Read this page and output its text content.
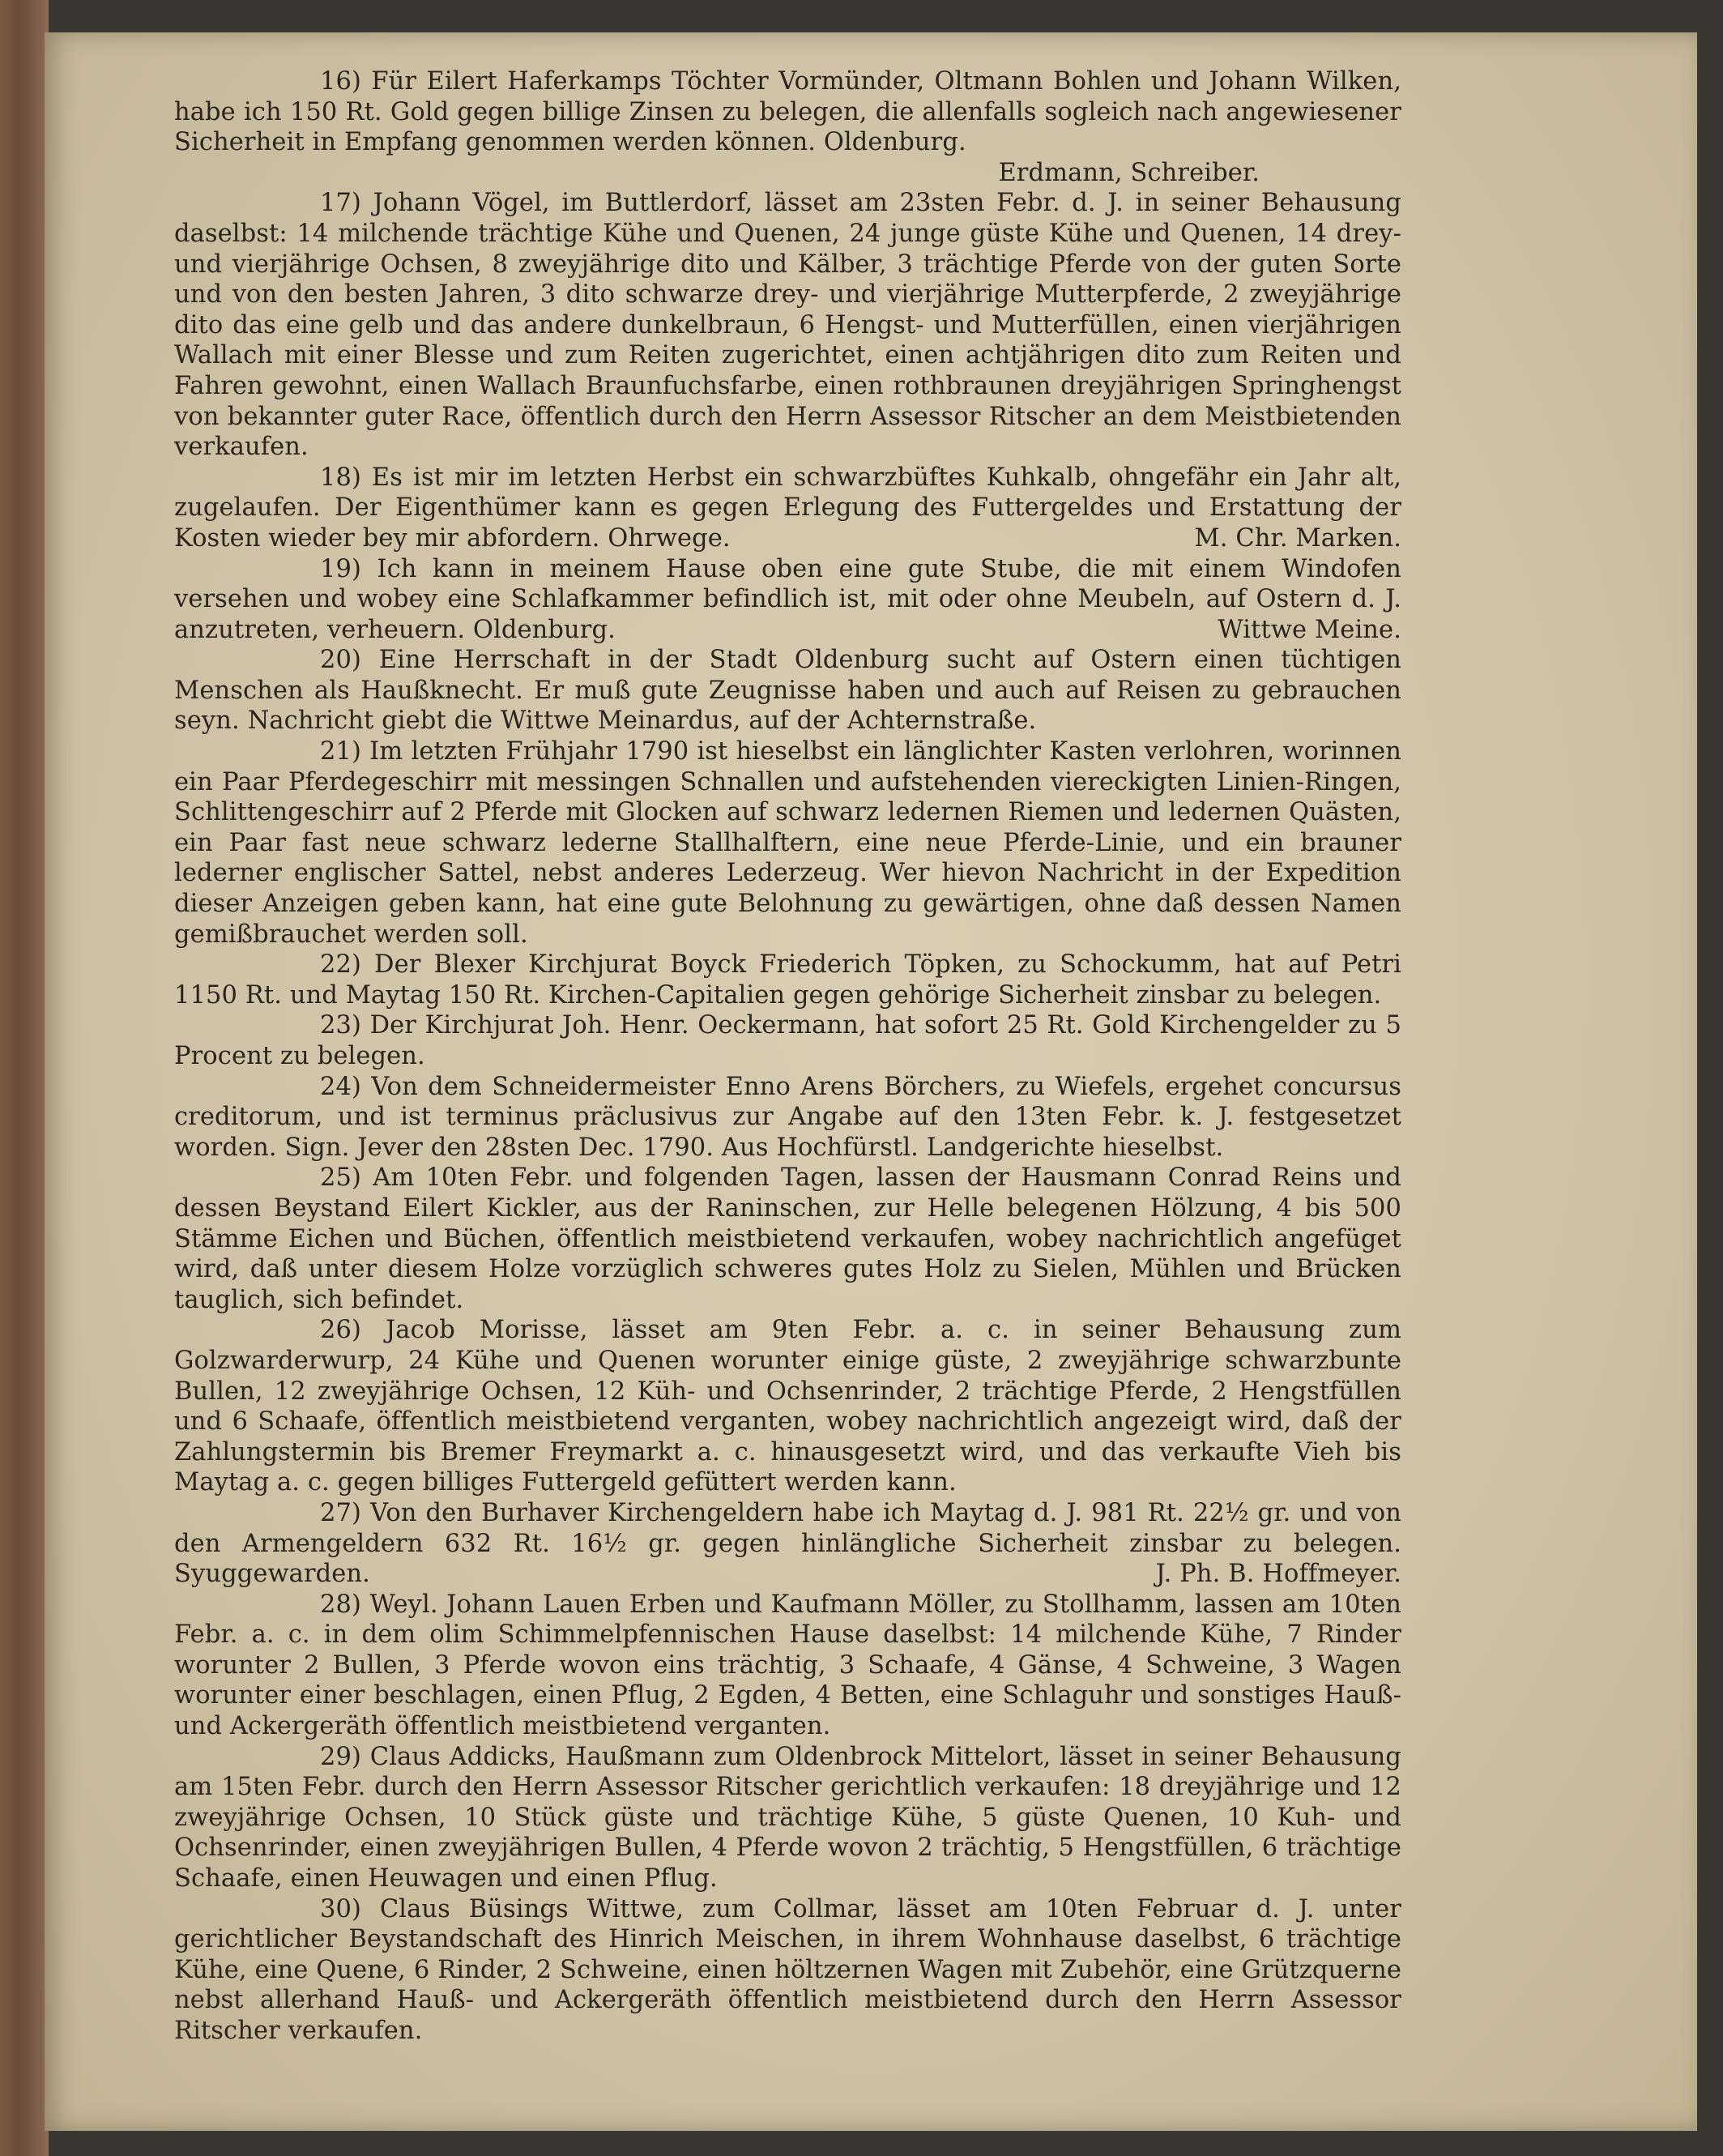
16) Für Eilert Haferkamps Töchter Vormünder, Oltmann Bohlen und Johann Wilken, habe ich 150 Rt. Gold gegen billige Zinsen zu belegen, die allenfalls sogleich nach angewiesener Sicherheit in Empfang genommen werden können. Oldenburg.

Erdmann, Schreiber.

17) Johann Vögel, im Buttlerdorf, lässet am 23sten Febr. d. J. in seiner Behausung daselbst: 14 milchende trächtige Kühe und Quenen, 24 junge güste Kühe und Quenen, 14 drey- und vierjährige Ochsen, 8 zweyjährige dito und Kälber, 3 trächtige Pferde von der guten Sorte und von den besten Jahren, 3 dito schwarze drey- und vierjährige Mutterpferde, 2 zweyjährige dito das eine gelb und das andere dunkelbraun, 6 Hengst- und Mutterfüllen, einen vierjährigen Wallach mit einer Blesse und zum Reiten zugerichtet, einen achtjährigen dito zum Reiten und Fahren gewohnt, einen Wallach Braunfuchsfarbe, einen rothbraunen dreyjährigen Springhengst von bekannter guter Race, öffentlich durch den Herrn Assessor Ritscher an dem Meistbietenden verkaufen.

18) Es ist mir im letzten Herbst ein schwarzbüftes Kuhkalb, ohngefähr ein Jahr alt, zugelaufen. Der Eigenthümer kann es gegen Erlegung des Futtergeldes und Erstattung der Kosten wieder bey mir abfordern. Ohrwege.	M. Chr. Marken.

19) Ich kann in meinem Hause oben eine gute Stube, die mit einem Windofen versehen und wobey eine Schlafkammer befindlich ist, mit oder ohne Meubeln, auf Ostern d. J. anzutreten, verheuern. Oldenburg.	Wittwe Meine.

20) Eine Herrschaft in der Stadt Oldenburg sucht auf Ostern einen tüchtigen Menschen als Haußknecht. Er muß gute Zeugnisse haben und auch auf Reisen zu gebrauchen seyn. Nachricht giebt die Wittwe Meinardus, auf der Achternstraße.

21) Im letzten Frühjahr 1790 ist hieselbst ein länglichter Kasten verlohren, worinnen ein Paar Pferdegeschirr mit messingen Schnallen und aufstehenden viereckigten Linien-Ringen, Schlittengeschirr auf 2 Pferde mit Glocken auf schwarz ledernen Riemen und ledernen Quästen, ein Paar fast neue schwarz lederne Stallhalftern, eine neue Pferde-Linie, und ein brauner lederner englischer Sattel, nebst anderes Lederzeug. Wer hievon Nachricht in der Expedition dieser Anzeigen geben kann, hat eine gute Belohnung zu gewärtigen, ohne daß dessen Namen gemißbrauchet werden soll.

22) Der Blexer Kirchjurat Boyck Friederich Töpken, zu Schockumm, hat auf Petri 1150 Rt. und Maytag 150 Rt. Kirchen-Capitalien gegen gehörige Sicherheit zinsbar zu belegen.

23) Der Kirchjurat Joh. Henr. Oeckermann, hat sofort 25 Rt. Gold Kirchengelder zu 5 Procent zu belegen.

24) Von dem Schneidermeister Enno Arens Börchers, zu Wiefels, ergehet concursus creditorum, und ist terminus präclusivus zur Angabe auf den 13ten Febr. k. J. festgesetzet worden. Sign. Jever den 28sten Dec. 1790. Aus Hochfürstl. Landgerichte hieselbst.

25) Am 10ten Febr. und folgenden Tagen, lassen der Hausmann Conrad Reins und dessen Beystand Eilert Kickler, aus der Raninschen, zur Helle belegenen Hölzung, 4 bis 500 Stämme Eichen und Büchen, öffentlich meistbietend verkaufen, wobey nachrichtlich angefüget wird, daß unter diesem Holze vorzüglich schweres gutes Holz zu Sielen, Mühlen und Brücken tauglich, sich befindet.

26) Jacob Morisse, lässet am 9ten Febr. a. c. in seiner Behausung zum Golzwarderwurp, 24 Kühe und Quenen worunter einige güste, 2 zweyjährige schwarzbunte Bullen, 12 zweyjährige Ochsen, 12 Küh- und Ochsenrinder, 2 trächtige Pferde, 2 Hengstfüllen und 6 Schaafe, öffentlich meistbietend verganten, wobey nachrichtlich angezeigt wird, daß der Zahlungstermin bis Bremer Freymarkt a. c. hinausgesetzt wird, und das verkaufte Vieh bis Maytag a. c. gegen billiges Futtergeld gefüttert werden kann.

27) Von den Burhaver Kirchengeldern habe ich Maytag d. J. 981 Rt. 22½ gr. und von den Armengeldern 632 Rt. 16½ gr. gegen hinlängliche Sicherheit zinsbar zu belegen. Syuggewarden.	J. Ph. B. Hoffmeyer.

28) Weyl. Johann Lauen Erben und Kaufmann Möller, zu Stollhamm, lassen am 10ten Febr. a. c. in dem olim Schimmelpfennischen Hause daselbst: 14 milchende Kühe, 7 Rinder worunter 2 Bullen, 3 Pferde wovon eins trächtig, 3 Schaafe, 4 Gänse, 4 Schweine, 3 Wagen worunter einer beschlagen, einen Pflug, 2 Egden, 4 Betten, eine Schlaguhr und sonstiges Hauß- und Ackergeräth öffentlich meistbietend verganten.

29) Claus Addicks, Haußmann zum Oldenbrock Mittelort, lässet in seiner Behausung am 15ten Febr. durch den Herrn Assessor Ritscher gerichtlich verkaufen: 18 dreyjährige und 12 zweyjährige Ochsen, 10 Stück güste und trächtige Kühe, 5 güste Quenen, 10 Kuh- und Ochsenrinder, einen zweyjährigen Bullen, 4 Pferde wovon 2 trächtig, 5 Hengstfüllen, 6 trächtige Schaafe, einen Heuwagen und einen Pflug.

30) Claus Büsings Wittwe, zum Collmar, lässet am 10ten Februar d. J. unter gerichtlicher Beystandschaft des Hinrich Meischen, in ihrem Wohnhause daselbst, 6 trächtige Kühe, eine Quene, 6 Rinder, 2 Schweine, einen höltzernen Wagen mit Zubehör, eine Grützquerne nebst allerhand Hauß- und Ackergeräth öffentlich meistbietend durch den Herrn Assessor Ritscher verkaufen.
